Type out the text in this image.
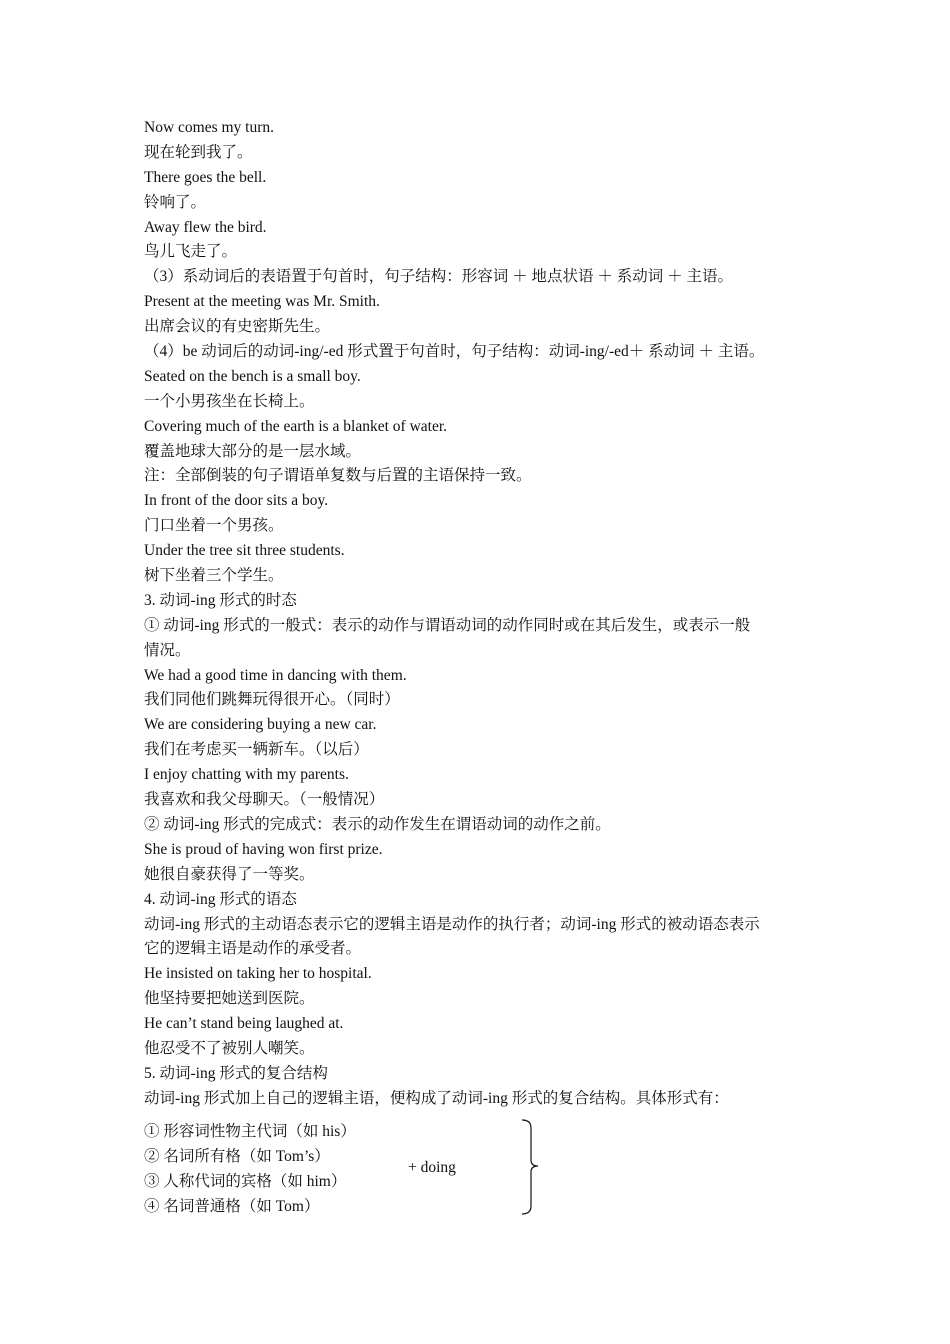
Now comes my turn.
现在轮到我了。
There goes the bell.
铃响了。
Away flew the bird.
鸟儿飞走了。
（3）系动词后的表语置于句首时，句子结构：形容词 ＋ 地点状语 ＋ 系动词 ＋ 主语。
Present at the meeting was Mr. Smith.
出席会议的有史密斯先生。
（4）be 动词后的动词-ing/-ed 形式置于句首时，句子结构：动词-ing/-ed＋ 系动词 ＋ 主语。
Seated on the bench is a small boy.
一个小男孩坐在长椅上。
Covering much of the earth is a blanket of water.
覆盖地球大部分的是一层水域。
注：全部倒装的句子谓语单复数与后置的主语保持一致。
In front of the door sits a boy.
门口坐着一个男孩。
Under the tree sit three students.
树下坐着三个学生。
3. 动词-ing 形式的时态
① 动词-ing 形式的一般式：表示的动作与谓语动词的动作同时或在其后发生，或表示一般
情况。
We had a good time in dancing with them.
我们同他们跳舞玩得很开心。（同时）
We are considering buying a new car.
我们在考虑买一辆新车。（以后）
I enjoy chatting with my parents.
我喜欢和我父母聊天。（一般情况）
② 动词-ing 形式的完成式：表示的动作发生在谓语动词的动作之前。
She is proud of having won first prize.
她很自豪获得了一等奖。
4. 动词-ing 形式的语态
动词-ing 形式的主动语态表示它的逻辑主语是动作的执行者；动词-ing 形式的被动语态表示
它的逻辑主语是动作的承受者。
He insisted on taking her to hospital.
他坚持要把她送到医院。
He can’t stand being laughed at.
他忍受不了被别人嘲笑。
5. 动词-ing 形式的复合结构
动词-ing 形式加上自己的逻辑主语，便构成了动词-ing 形式的复合结构。具体形式有：
① 形容词性物主代词（如 his）
② 名词所有格（如 Tom’s）
③ 人称代词的宾格（如 him）
④ 名词普通格（如 Tom）
+ doing
